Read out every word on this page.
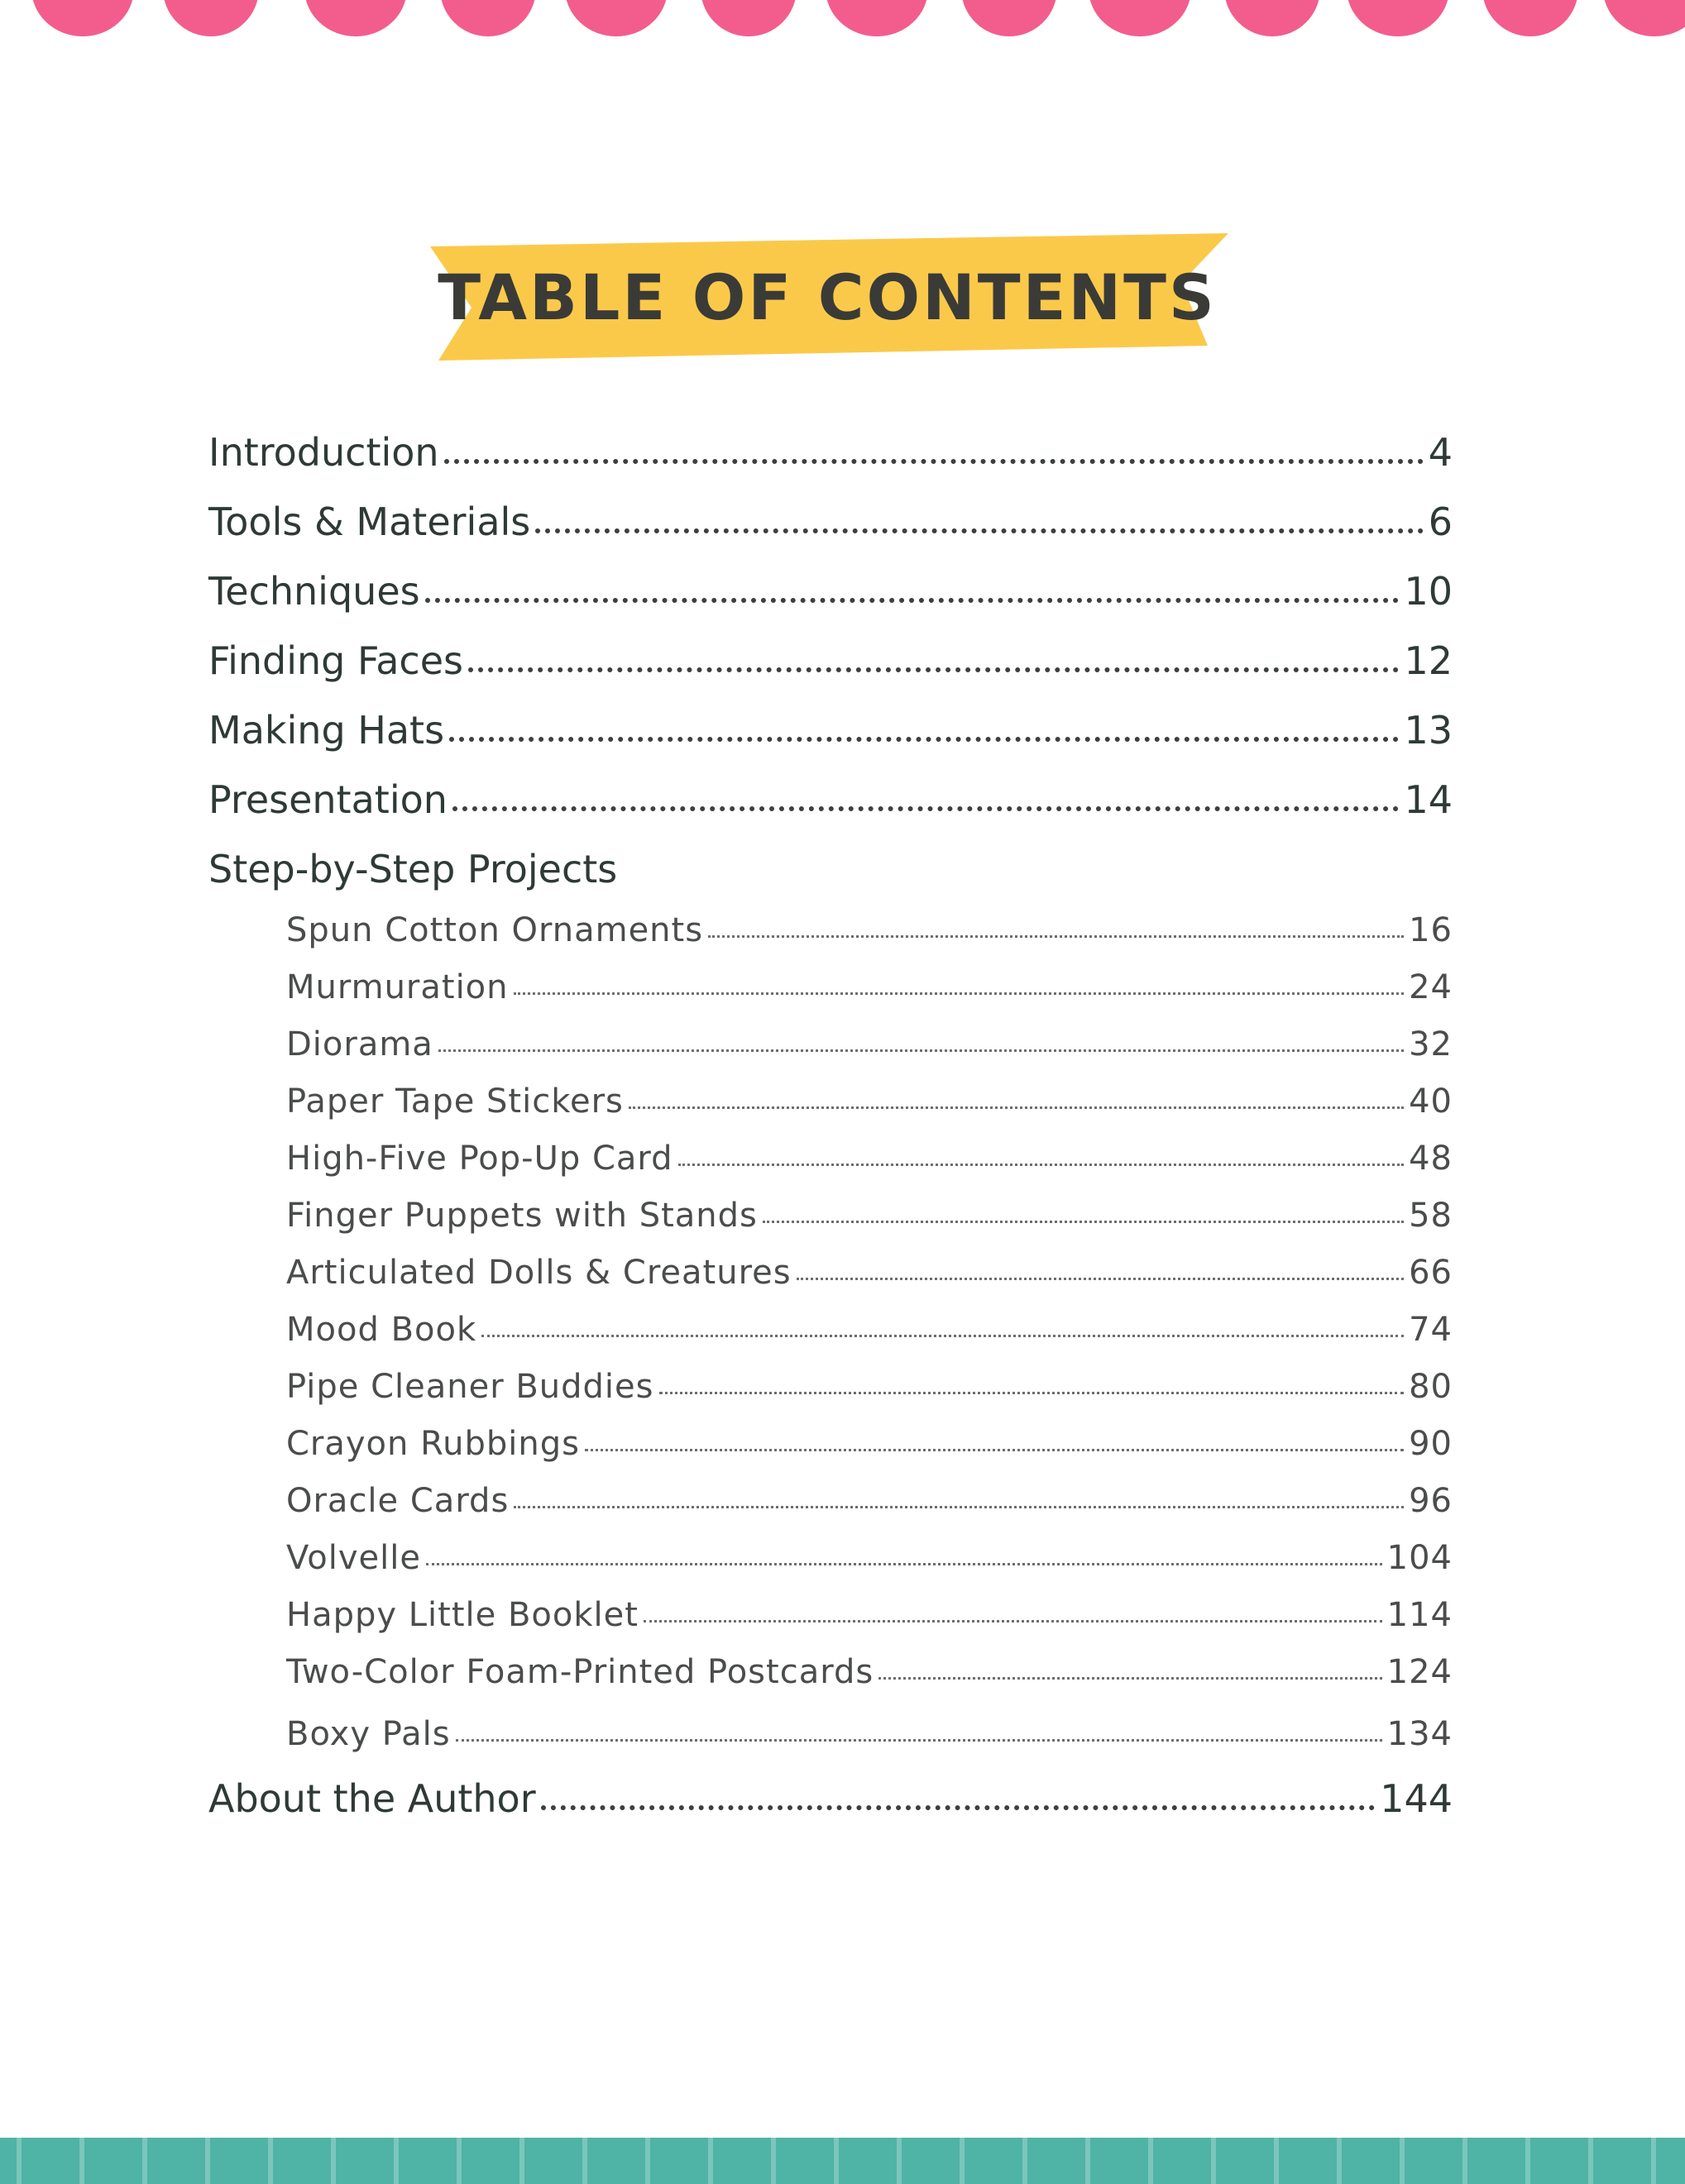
TABLE OF CONTENTS
Introduction	4
Tools & Materials	6
Techniques	10
Finding Faces	12
Making Hats	13
Presentation	14
Step-by-Step Projects
Spun Cotton Ornaments	16
Murmuration	24
Diorama	32
Paper Tape Stickers	40
High-Five Pop-Up Card	48
Finger Puppets with Stands	58
Articulated Dolls & Creatures	66
Mood Book	74
Pipe Cleaner Buddies	80
Crayon Rubbings	90
Oracle Cards	96
Volvelle	104
Happy Little Booklet	114
Two-Color Foam-Printed Postcards	124
Boxy Pals	134
About the Author	144
